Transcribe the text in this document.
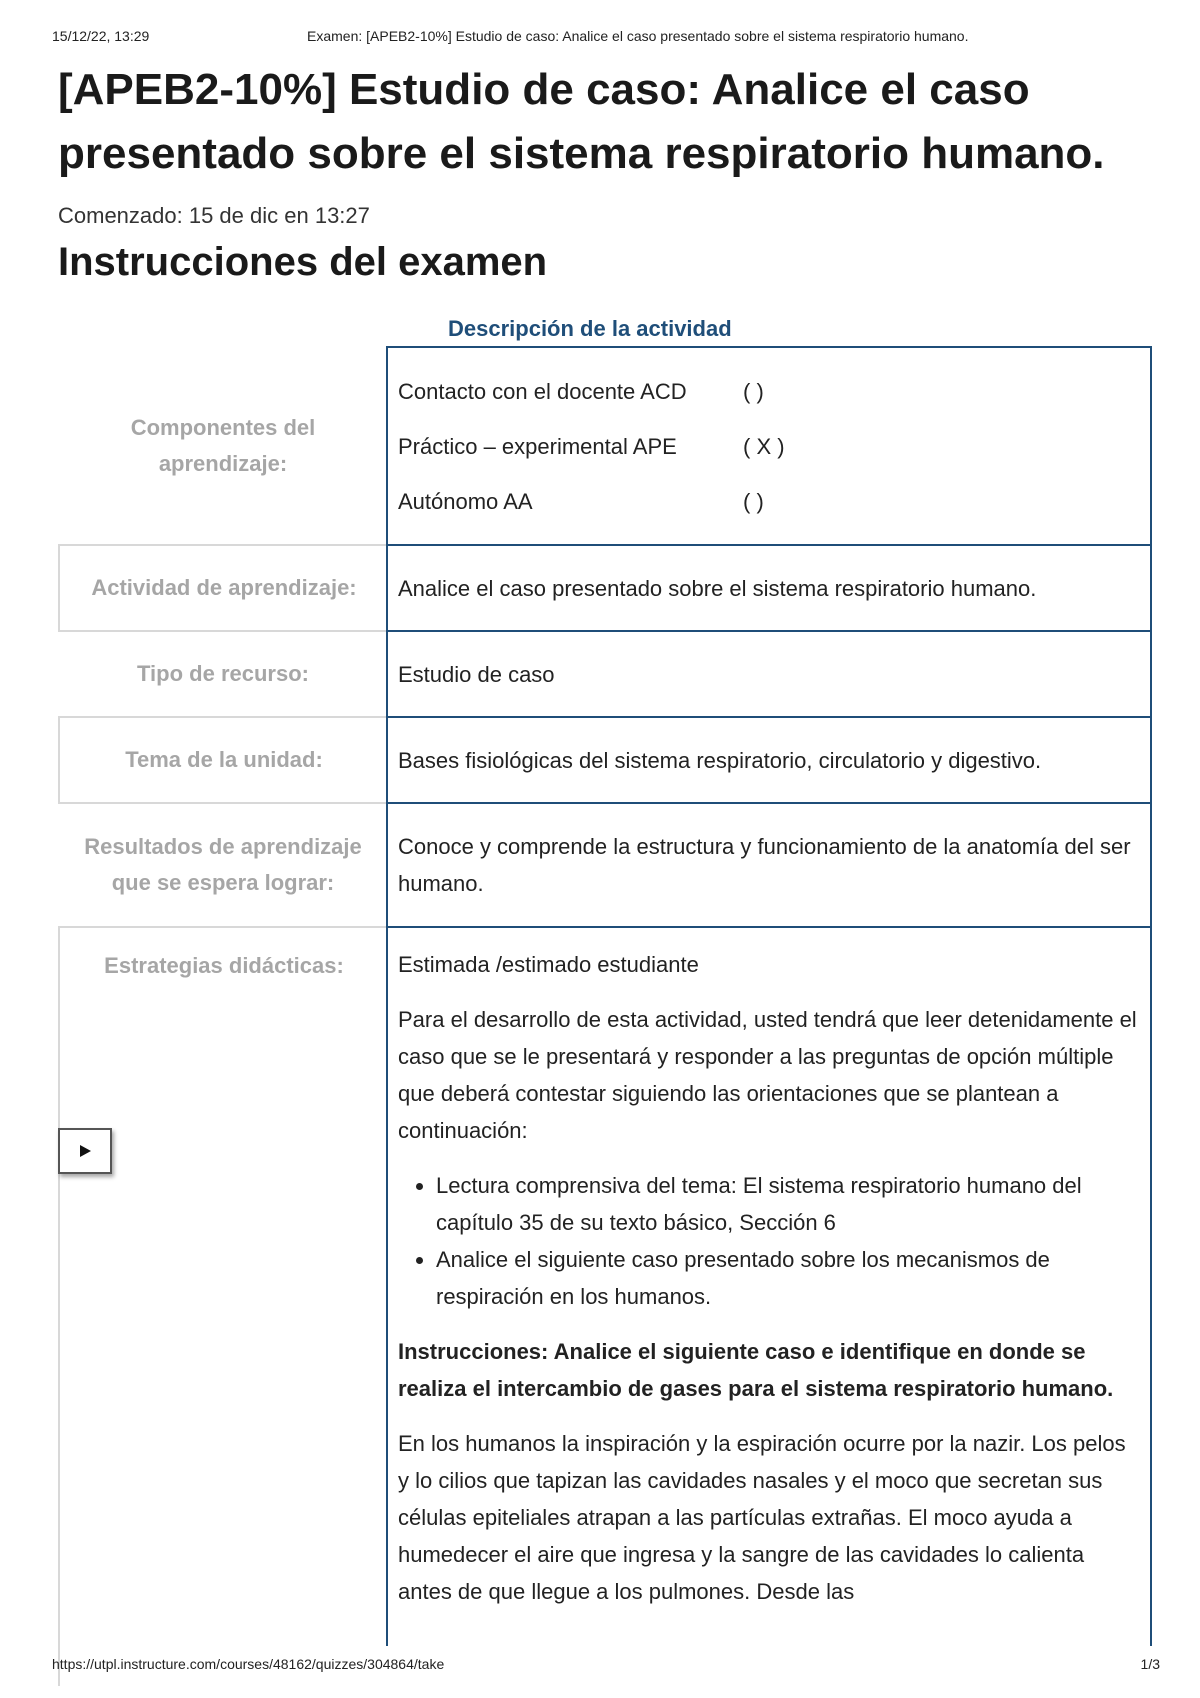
15/12/22, 13:29	Examen: [APEB2-10%] Estudio de caso: Analice el caso presentado sobre el sistema respiratorio humano.
[APEB2-10%] Estudio de caso: Analice el caso presentado sobre el sistema respiratorio humano.
Comenzado: 15 de dic en 13:27
Instrucciones del examen
Descripción de la actividad
Componentes del aprendizaje:
Contacto con el docente ACD	( )
Práctico – experimental APE	( X )
Autónomo AA	( )
Actividad de aprendizaje:	Analice el caso presentado sobre el sistema respiratorio humano.
Tipo de recurso:	Estudio de caso
Tema de la unidad:	Bases fisiológicas del sistema respiratorio, circulatorio y digestivo.
Resultados de aprendizaje que se espera lograr:
Conoce y comprende la estructura y funcionamiento de la anatomía del ser humano.
Estrategias didácticas:	Estimada /estimado estudiante
Para el desarrollo de esta actividad, usted tendrá que leer detenidamente el caso que se le presentará y responder a las preguntas de opción múltiple que deberá contestar siguiendo las orientaciones que se plantean a continuación:
• Lectura comprensiva del tema: El sistema respiratorio humano del capítulo 35 de su texto básico, Sección 6
• Analice el siguiente caso presentado sobre los mecanismos de respiración en los humanos.
Instrucciones: Analice el siguiente caso e identifique en donde se realiza el intercambio de gases para el sistema respiratorio humano.
En los humanos la inspiración y la espiración ocurre por la nazir. Los pelos y lo cilios que tapizan las cavidades nasales y el moco que secretan sus células epiteliales atrapan a las partículas extrañas. El moco ayuda a humedecer el aire que ingresa y la sangre de las cavidades lo calienta antes de que llegue a los pulmones. Desde las
https://utpl.instructure.com/courses/48162/quizzes/304864/take	1/3
